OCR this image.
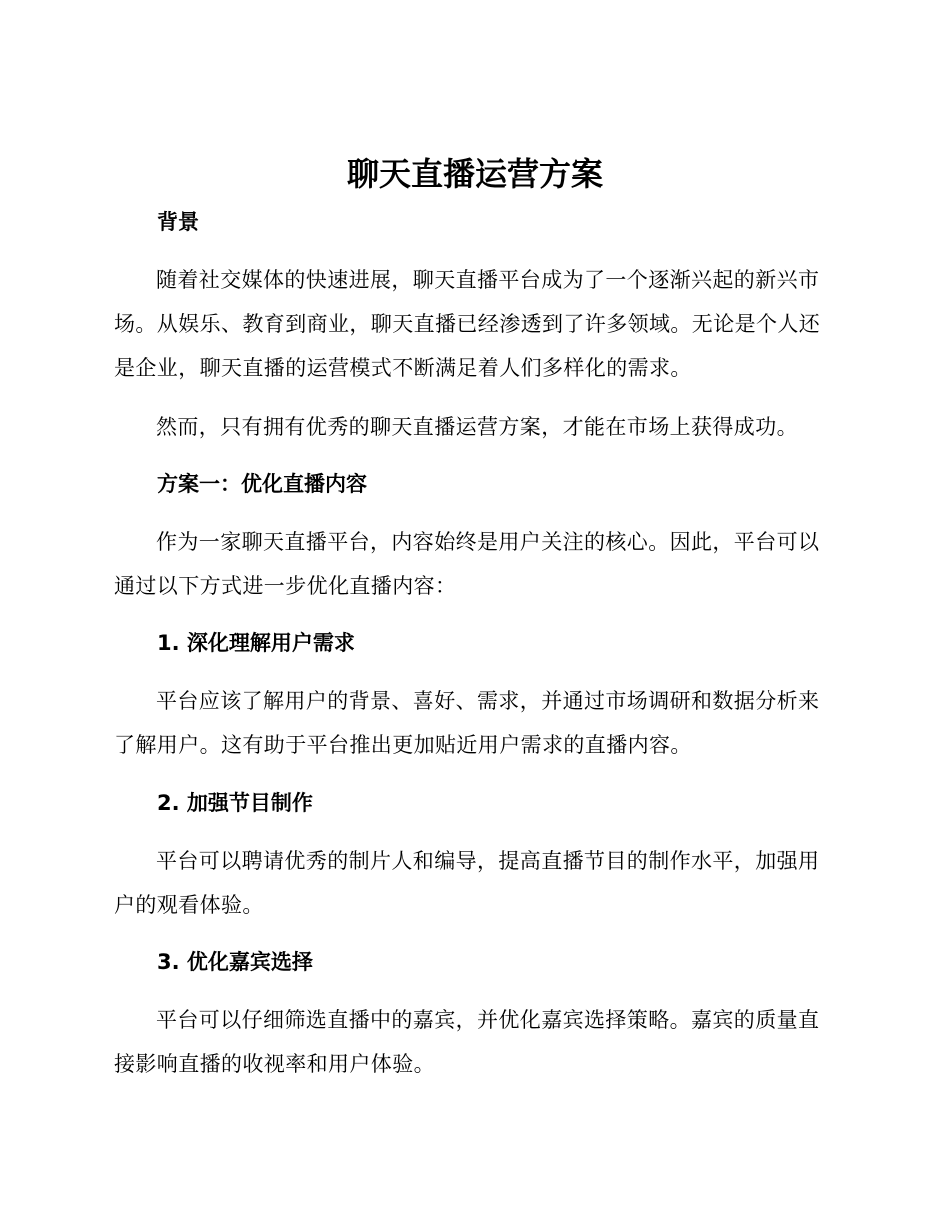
聊天直播运营方案
背景

随着社交媒体的快速进展，聊天直播平台成为了一个逐渐兴起的新兴市
场。从娱乐、教育到商业，聊天直播已经渗透到了许多领域。无论是个人还
是企业，聊天直播的运营模式不断满足着人们多样化的需求。

然而，只有拥有优秀的聊天直播运营方案，才能在市场上获得成功。

方案一：优化直播内容

作为一家聊天直播平台，内容始终是用户关注的核心。因此，平台可以
通过以下方式进一步优化直播内容：

1. 深化理解用户需求

平台应该了解用户的背景、喜好、需求，并通过市场调研和数据分析来
了解用户。这有助于平台推出更加贴近用户需求的直播内容。

2. 加强节目制作

平台可以聘请优秀的制片人和编导，提高直播节目的制作水平，加强用
户的观看体验。

3. 优化嘉宾选择

平台可以仔细筛选直播中的嘉宾，并优化嘉宾选择策略。嘉宾的质量直
接影响直播的收视率和用户体验。
